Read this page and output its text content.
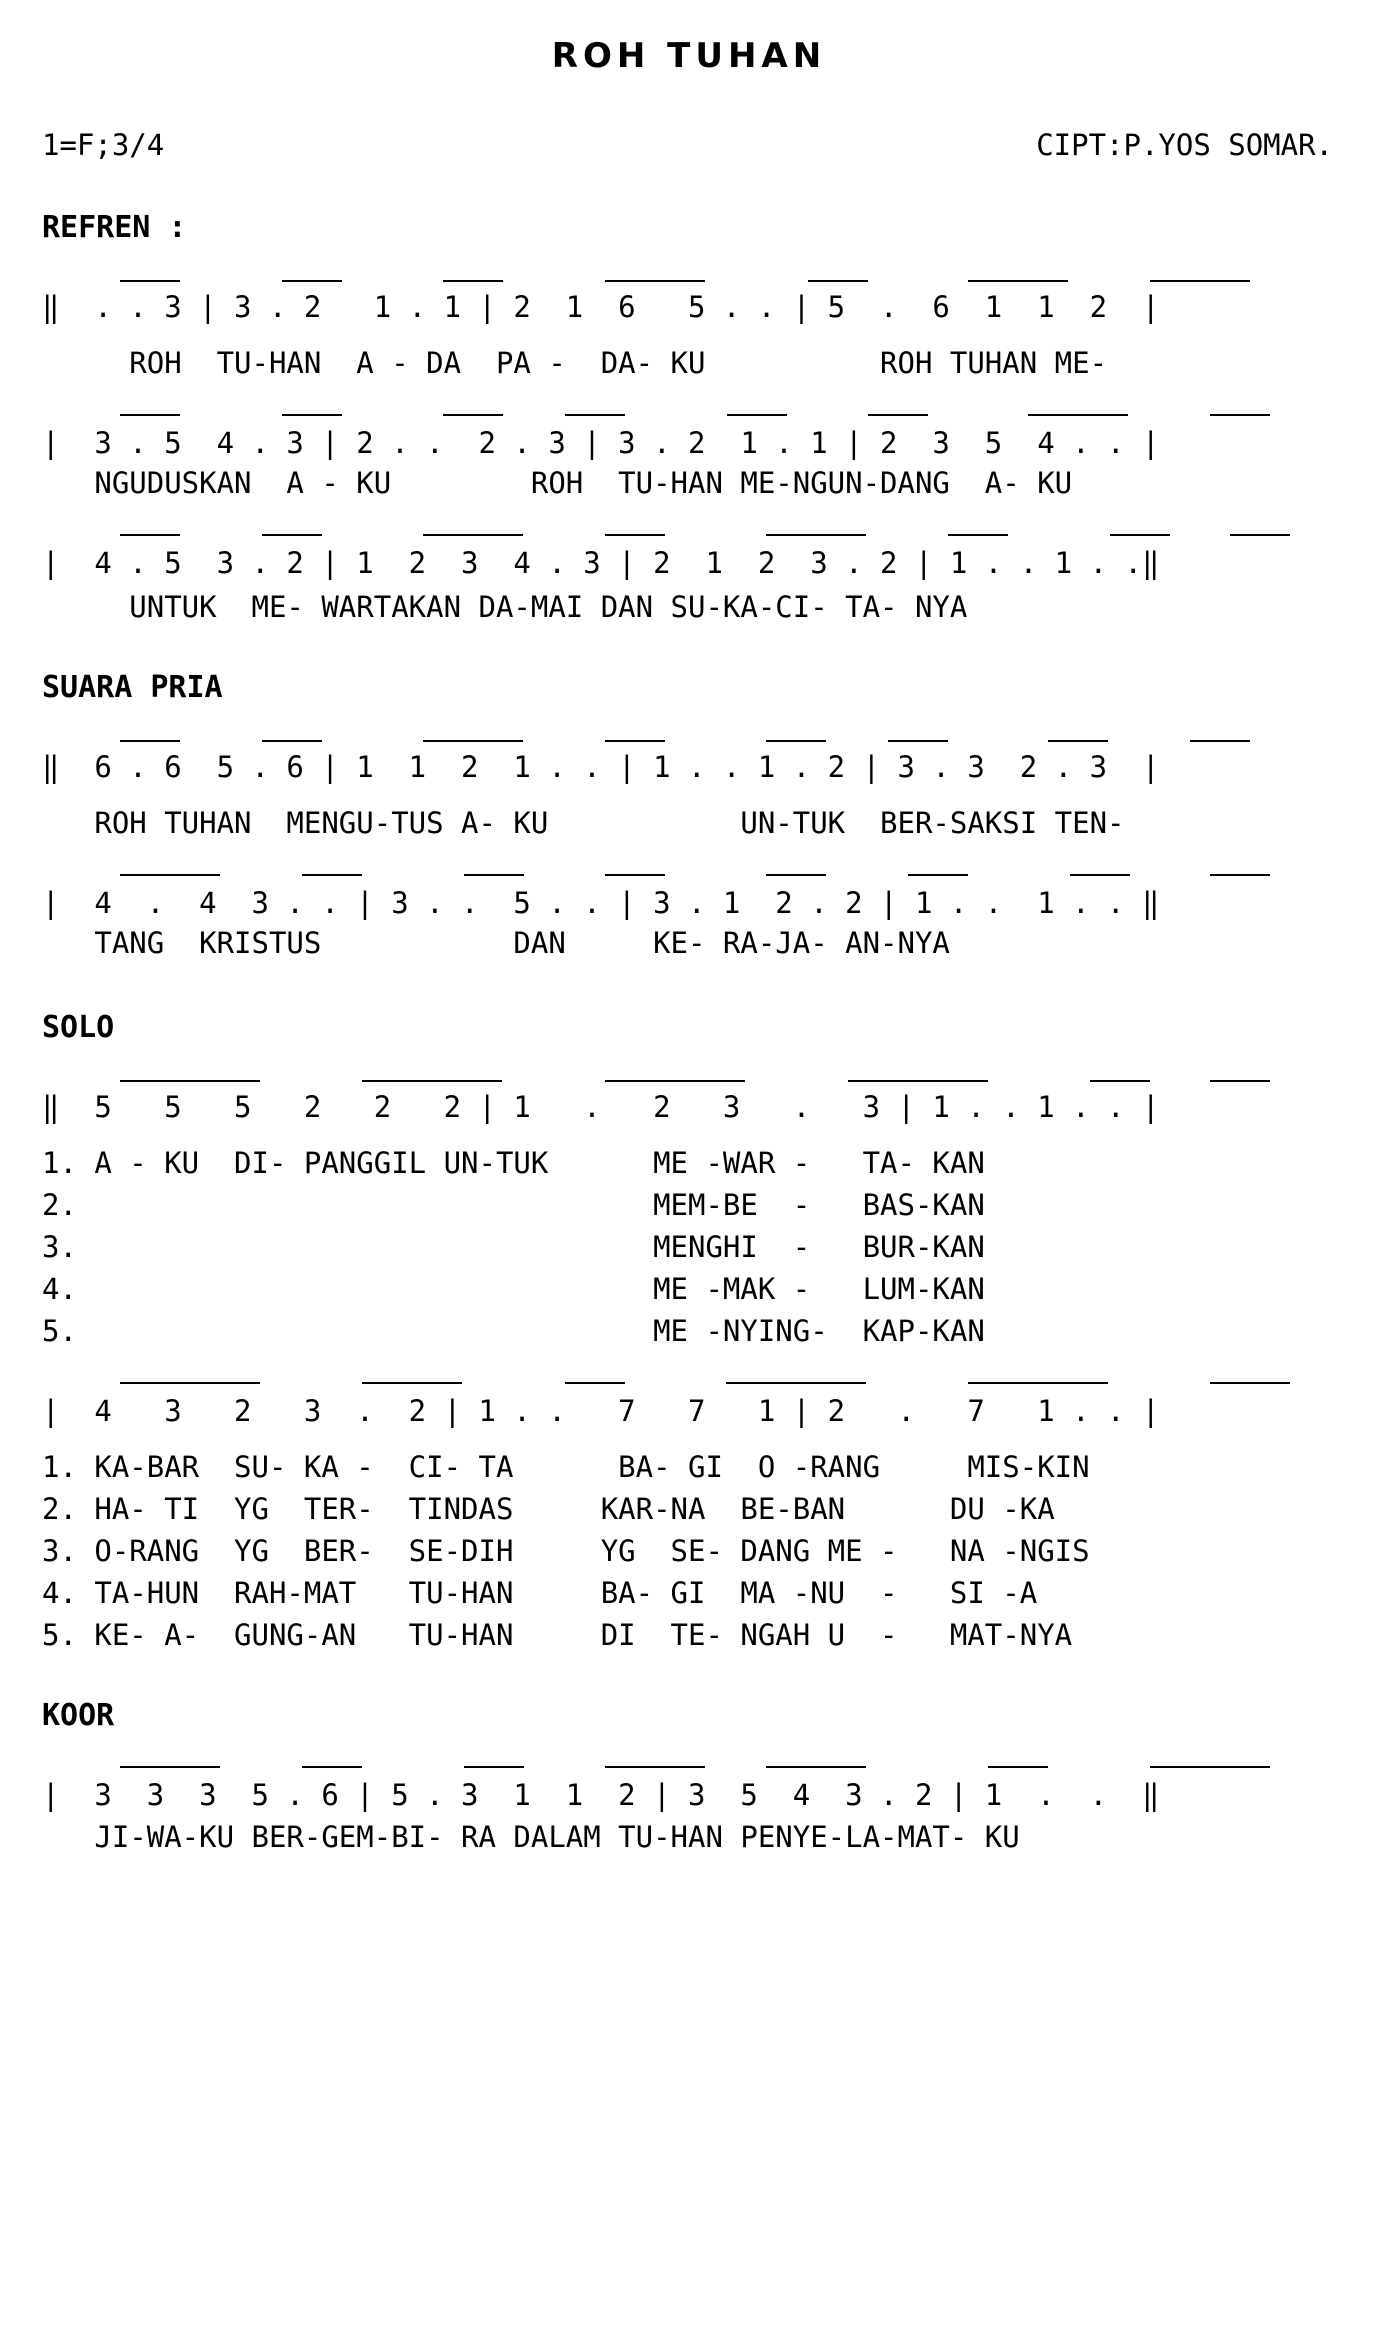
ROH TUHAN
1=F;3/4	CIPT:P.YOS SOMAR.
REFREN :
‖  . . 3 | 3 . 2   1 . 1 | 2  1  6   5 . . | 5  .  6  1  1  2  |
ROH  TU-HAN  A - DA  PA -  DA- KU          ROH TUHAN ME-
|  3 . 5  4 . 3 | 2 . .  2 . 3 | 3 . 2  1 . 1 | 2  3  5  4 . . |
NGUDUSKAN  A - KU        ROH  TU-HAN ME-NGUN-DANG  A- KU
|  4 . 5  3 . 2 | 1  2  3  4 . 3 | 2  1  2  3 . 2 | 1 . . 1 . .‖
UNTUK  ME- WARTAKAN DA-MAI DAN SU-KA-CI- TA- NYA
SUARA PRIA
‖  6 . 6  5 . 6 | 1  1  2  1 . . | 1 . . 1 . 2 | 3 . 3  2 . 3  |
ROH TUHAN  MENGU-TUS A- KU           UN-TUK  BER-SAKSI TEN-
|  4  .  4  3 . . | 3 . .  5 . . | 3 . 1  2 . 2 | 1 . .  1 . . ‖
TANG  KRISTUS           DAN     KE- RA-JA- AN-NYA
SOLO
‖  5   5   5   2   2   2 | 1   .   2   3   .   3 | 1 . . 1 . . |
1. A - KU  DI- PANGGIL UN-TUK      ME -WAR -   TA- KAN
2.                                 MEM-BE  -   BAS-KAN
3.                                 MENGHI  -   BUR-KAN
4.                                 ME -MAK -   LUM-KAN
5.                                 ME -NYING-  KAP-KAN
|  4   3   2   3  .  2 | 1 . .   7   7   1 | 2   .   7   1 . . |
1. KA-BAR  SU- KA -  CI- TA      BA- GI  O -RANG     MIS-KIN
2. HA- TI  YG  TER-  TINDAS     KAR-NA  BE-BAN      DU -KA
3. O-RANG  YG  BER-  SE-DIH     YG  SE- DANG ME -   NA -NGIS
4. TA-HUN  RAH-MAT   TU-HAN     BA- GI  MA -NU  -   SI -A
5. KE- A-  GUNG-AN   TU-HAN     DI  TE- NGAH U  -   MAT-NYA
KOOR
|  3  3  3  5 . 6 | 5 . 3  1  1  2 | 3  5  4  3 . 2 | 1  .  .  ‖
JI-WA-KU BER-GEM-BI- RA DALAM TU-HAN PENYE-LA-MAT- KU
